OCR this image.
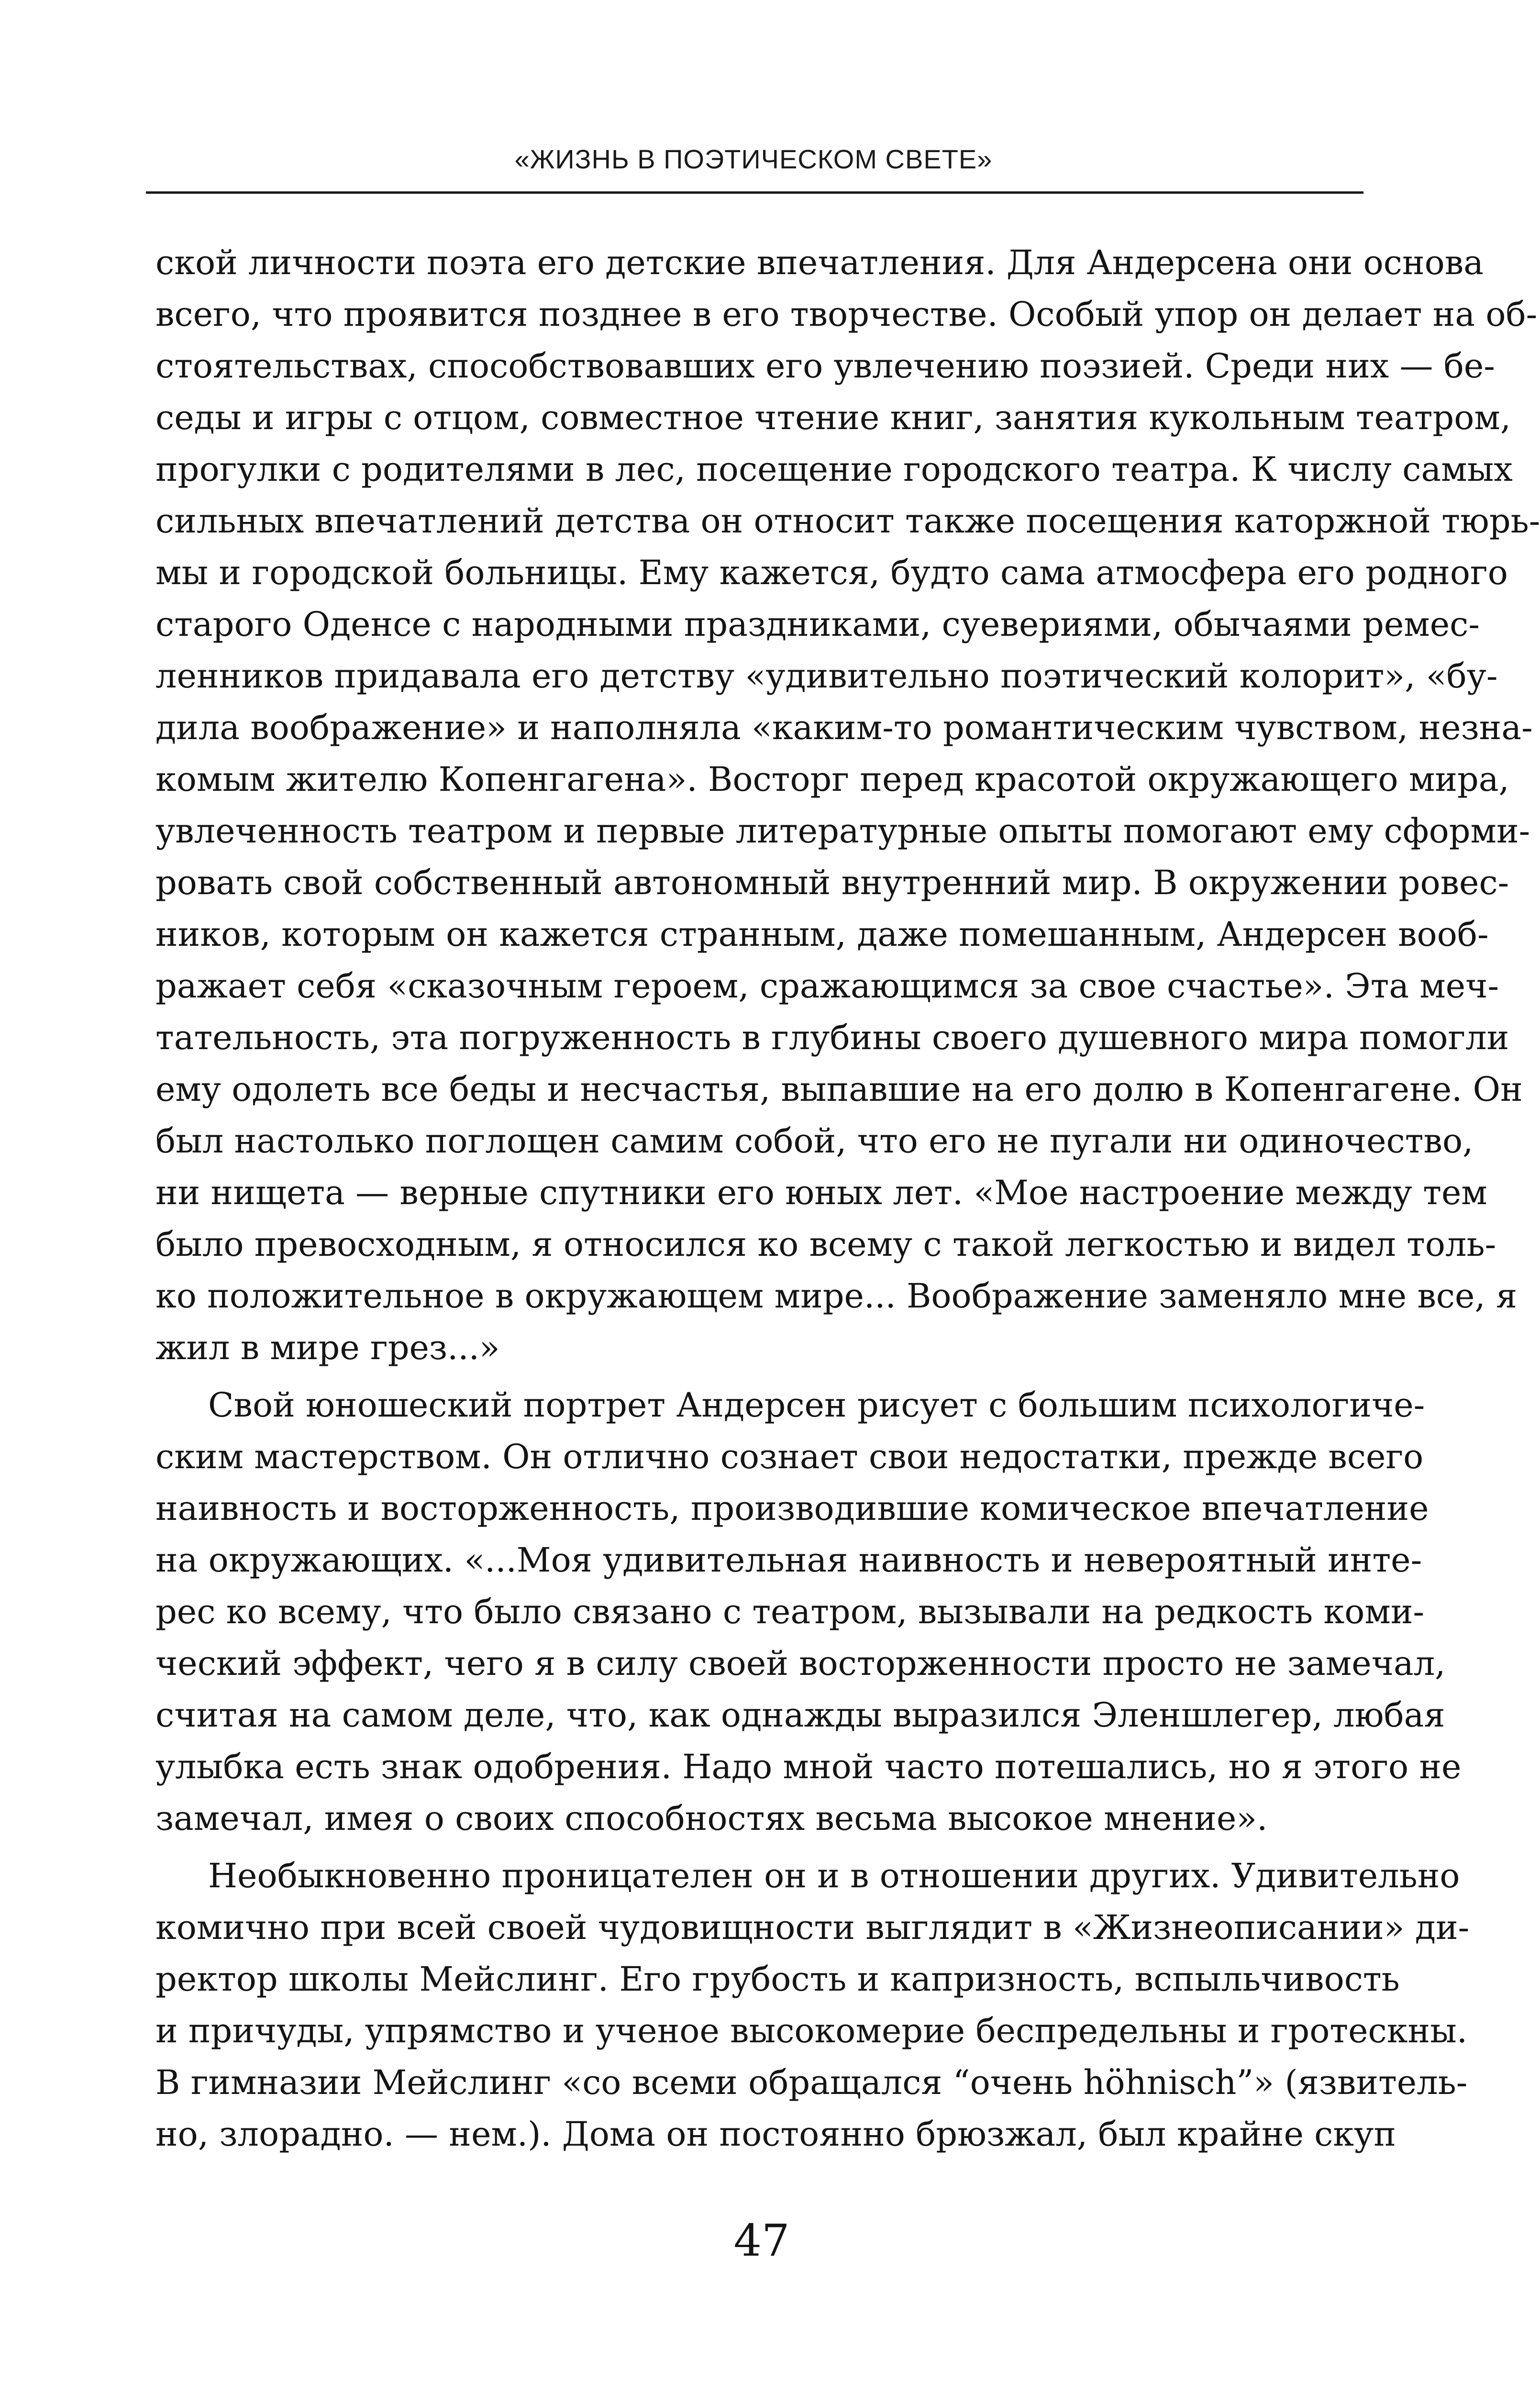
«ЖИЗНЬ В ПОЭТИЧЕСКОМ СВЕТЕ»
ской личности поэта его детские впечатления. Для Андерсена они основа
всего, что проявится позднее в его творчестве. Особый упор он делает на об-
стоятельствах, способствовавших его увлечению поэзией. Среди них — бе-
седы и игры с отцом, совместное чтение книг, занятия кукольным театром,
прогулки с родителями в лес, посещение городского театра. К числу самых
сильных впечатлений детства он относит также посещения каторжной тюрь-
мы и городской больницы. Ему кажется, будто сама атмосфера его родного
старого Оденсе с народными праздниками, суевериями, обычаями ремес-
ленников придавала его детству «удивительно поэтический колорит», «бу-
дила воображение» и наполняла «каким-то романтическим чувством, незна-
комым жителю Копенгагена». Восторг перед красотой окружающего мира,
увлеченность театром и первые литературные опыты помогают ему сформи-
ровать свой собственный автономный внутренний мир. В окружении ровес-
ников, которым он кажется странным, даже помешанным, Андерсен вооб-
ражает себя «сказочным героем, сражающимся за свое счастье». Эта меч-
тательность, эта погруженность в глубины своего душевного мира помогли
ему одолеть все беды и несчастья, выпавшие на его долю в Копенгагене. Он
был настолько поглощен самим собой, что его не пугали ни одиночество,
ни нищета — верные спутники его юных лет. «Мое настроение между тем
было превосходным, я относился ко всему с такой легкостью и видел толь-
ко положительное в окружающем мире... Воображение заменяло мне все, я
жил в мире грез...»
Свой юношеский портрет Андерсен рисует с большим психологиче-
ским мастерством. Он отлично сознает свои недостатки, прежде всего
наивность и восторженность, производившие комическое впечатление
на окружающих. «...Моя удивительная наивность и невероятный инте-
рес ко всему, что было связано с театром, вызывали на редкость коми-
ческий эффект, чего я в силу своей восторженности просто не замечал,
считая на самом деле, что, как однажды выразился Эленшлегер, любая
улыбка есть знак одобрения. Надо мной часто потешались, но я этого не
замечал, имея о своих способностях весьма высокое мнение».
Необыкновенно проницателен он и в отношении других. Удивительно
комично при всей своей чудовищности выглядит в «Жизнеописании» ди-
ректор школы Мейслинг. Его грубость и капризность, вспыльчивость
и причуды, упрямство и ученое высокомерие беспредельны и гротескны.
В гимназии Мейслинг «со всеми обращался “очень höhnisch”» (язвитель-
но, злорадно. — нем.). Дома он постоянно брюзжал, был крайне скуп
47
